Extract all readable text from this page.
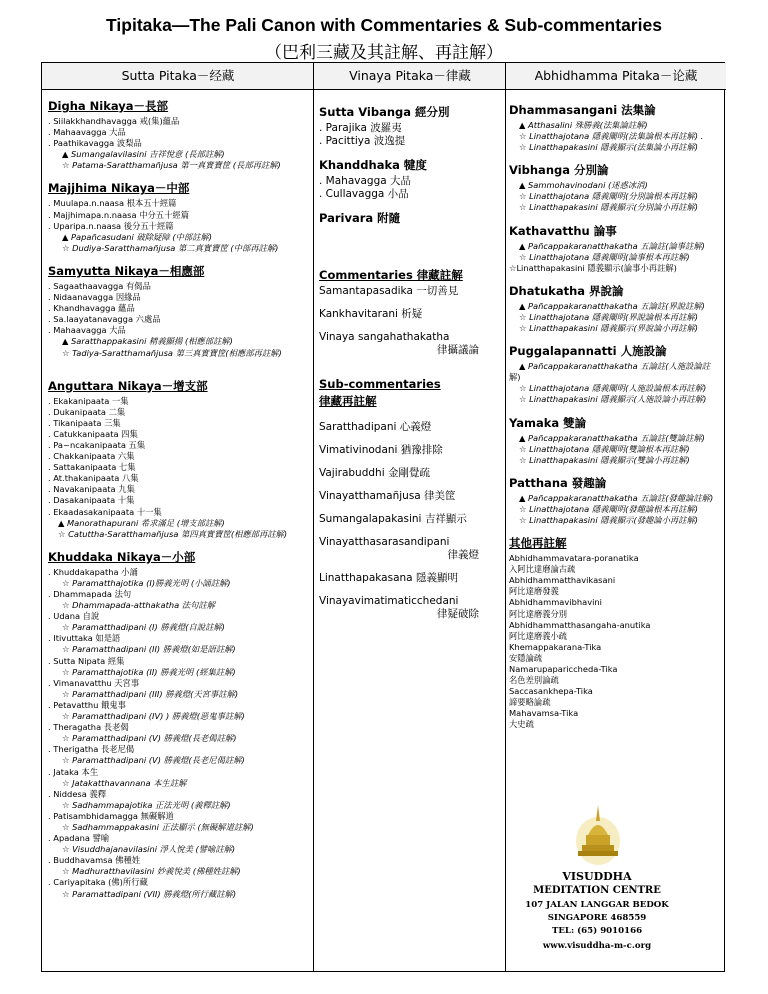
Tipitaka—The Pali Canon with Commentaries & Sub-commentaries
（巴利三藏及其註解、再註解）
Sutta Pitaka－经藏	Vinaya Pitaka－律藏	Abhidhamma Pitaka－论藏
Digha Nikaya－長部
. Siilakkhandhavagga 戒(集)蘊品
. Mahaavagga 大品
. Paathikavagga 波梨品
▲ Sumangalavilasini 吉祥悅意 (長部註解)
☆ Patama-Saratthamañjusa 第一真實寶筐 (長部再註解)
Majjhima Nikaya－中部
. Muulapa.n.naasa 根本五十經篇
. Majjhimapa.n.naasa 中分五十經篇
. Uparipa.n.naasa 後分五十經篇
▲ Papañcasudani 破除疑障 (中部註解)
☆ Dudiya-Saratthamañjusa 第二真實寶筐 (中部再註解)
Samyutta Nikaya－相應部
. Sagaathaavagga 有偈品
. Nidaanavagga 因緣品
. Khandhavagga 蘊品
. Sa.laayatanavagga 六處品
. Mahaavagga 大品
▲ Saratthappakasini 精義顯揚 (相應部註解)
☆ Tadiya-Saratthamañjusa 第三真實寶筐(相應部再註解)
Anguttara Nikaya－增支部
. Ekakanipaata 一集
. Dukanipaata 二集
. Tikanipaata 三集
. Catukkanipaata 四集
. Pa~ncakanipaata 五集
. Chakkanipaata 六集
. Sattakanipaata 七集
. At.thakanipaata 八集
. Navakanipaata 九集
. Dasakanipaata 十集
. Ekaadasakanipaata 十一集
▲ Manorathapurani 希求滿足 (增支部註解)
☆ Catuttha-Saratthamañjusa 第四真實寶筐(相應部再註解)
Khuddaka Nikaya－小部
. Khuddakapatha 小誦
☆ Paramatthajotika (I)勝義光明 (小誦註解)
. Dhammapada 法句
☆ Dhammapada-atthakatha 法句註解
. Udana 自說
☆ Paramatthadipani (I) 勝義燈(自說註解)
. Itivuttaka 如是語
☆ Paramatthadipani (II) 勝義燈(如是語註解)
. Sutta Nipata 經集
☆ Paramatthajotika (II) 勝義光明 (經集註解)
. Vimanavatthu 天宮事
☆ Paramatthadipani (III) 勝義燈(天宮事註解)
. Petavatthu 餓鬼事
☆ Paramatthadipani (IV) ) 勝義燈(惡鬼事註解)
. Theragatha 長老偈
☆ Paramatthadipani (V) 勝義燈(長老偈註解)
. Therigatha 長老尼偈
☆ Paramatthadipani (V) 勝義燈(長老尼偈註解)
. Jataka 本生
☆ Jatakatthavannana 本生註解
. Niddesa 義釋
☆ Sadhammapajotika 正法光明 (義釋註解)
. Patisambhidamagga 無礙解道
☆ Sadhammappakasini 正法顯示 (無礙解道註解)
. Apadana 譬喻
☆ Visuddhajanavilasini 淨人悅美 (譬喻註解)
. Buddhavamsa 佛種姓
☆ Madhuratthavilasini 妙義悅美 (佛種姓註解)
. Cariyapitaka (佛)所行藏
☆ Paramattadipani (VII) 勝義燈(所行藏註解)
Sutta Vibanga 經分別
. Parajika 波羅夷
. Pacittiya 波逸提
Khanddhaka 犍度
. Mahavagga 大品
. Cullavagga 小品
Parivara 附隨
Commentaries 律藏註解
Samantapasadika 一切善見
Kankhavitarani 析疑
Vinaya sangahathakatha
律攝議論
Sub-commentaries
律藏再註解
Saratthadipani 心義燈
Vimativinodani 猶豫排除
Vajirabuddhi 金剛覺疏
Vinayatthamañjusa 律美筐
Sumangalapakasini 吉祥顯示
Vinayatthasarasandipani
律義燈
Linatthapakasana 隱義顯明
Vinayavimatimaticchedani
律疑破除
Dhammasangani 法集論
▲ Atthasalini 殊勝義(法集論註解)
☆ Linatthajotana 隱義闡明(法集論根本再註解) .
☆ Linatthapakasini 隱義顯示(法集論小再註解)
Vibhanga 分別論
▲ Sammohavinodani (迷惑冰消)
☆ Linatthajotana 隱義闡明(分別論根本再註解)
☆ Linatthapakasini 隱義顯示(分別論小再註解)
Kathavatthu 論事
▲ Pañcappakaranatthakatha 五論註(論事註解)
☆ Linatthajotana 隱義闡明(論事根本再註解)
☆Linatthapakasini 隱義顯示(論事小再註解)
Dhatukatha 界說論
▲ Pañcappakaranatthakatha 五論註(界說註解)
☆ Linatthajotana 隱義闡明(界說論根本再註解)
☆ Linatthapakasini 隱義顯示(界說論小再註解)
Puggalapannatti 人施設論
▲ Pañcappakaranatthakatha 五論註(人施設論註
解)
☆ Linatthajotana 隱義闡明(人施設論根本再註解)
☆ Linatthapakasini 隱義顯示(人施設論小再註解)
Yamaka 雙論
▲ Pañcappakaranatthakatha 五論註(雙論註解)
☆ Linatthajotana 隱義闡明(雙論根本再註解)
☆ Linatthapakasini 隱義顯示(雙論小再註解)
Patthana 發趣論
▲ Pañcappakaranatthakatha 五論註(發趣論註解)
☆ Linatthajotana 隱義闡明(發趣論根本再註解)
☆ Linatthapakasini 隱義顯示(發趣論小再註解)
其他再註解
Abhidhammavatara-poranatika
入阿比達磨論古疏
Abhidhammatthavikasani
阿比達磨發義
Abhidhammavibhavini
阿比達磨義分別
Abhidhammatthasangaha-anutika
阿比達磨義小疏
Khemappakarana-Tika
安隱論疏
Namarupapariccheda-Tika
名色差別論疏
Saccasankhepa-Tika
諦要略論疏
Mahavamsa-Tika
大史疏
VISUDDHA
MEDITATION CENTRE
107 JALAN LANGGAR BEDOK
SINGAPORE 468559
TEL: (65) 9010166
www.visuddha-m-c.org
